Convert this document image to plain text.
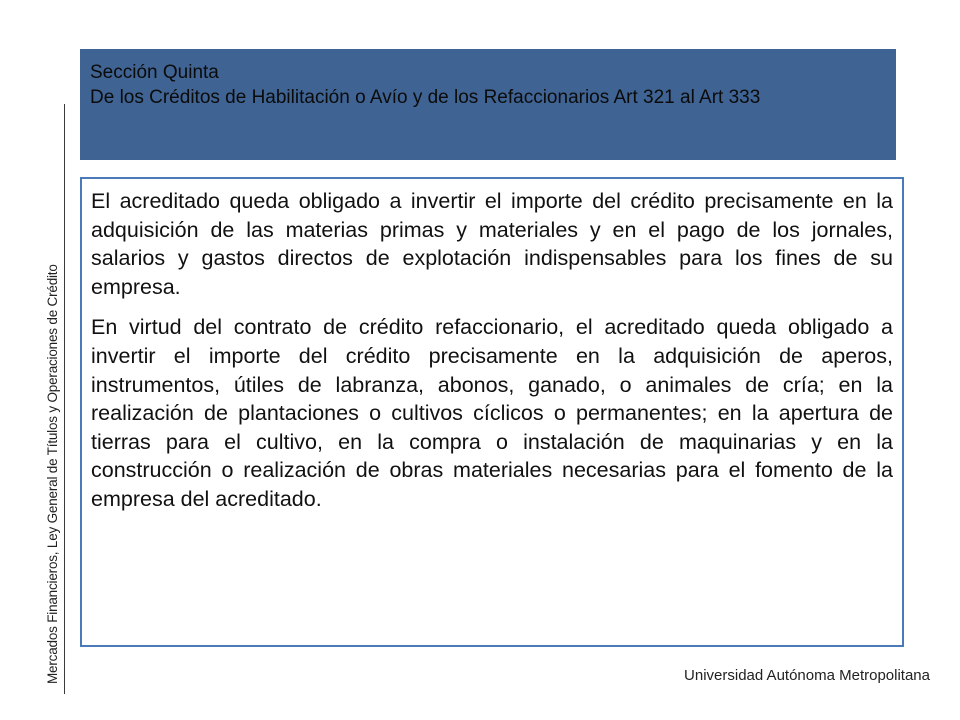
Mercados Financieros, Ley General de Títulos y Operaciones de Crédito
Sección Quinta
De los Créditos de Habilitación o Avío y de los Refaccionarios Art 321 al Art 333

El acreditado queda obligado a invertir el importe del crédito precisamente en la adquisición de las materias primas y materiales y en el pago de los jornales, salarios y gastos directos de explotación indispensables para los fines de su empresa.

En virtud del contrato de crédito refaccionario, el acreditado queda obligado a invertir el importe del crédito precisamente en la adquisición de aperos, instrumentos, útiles de labranza, abonos, ganado, o animales de cría; en la realización de plantaciones o cultivos cíclicos o permanentes; en la apertura de tierras para el cultivo, en la compra o instalación de maquinarias y en la construcción o realización de obras materiales necesarias para el fomento de la empresa del acreditado.

Universidad Autónoma Metropolitana
